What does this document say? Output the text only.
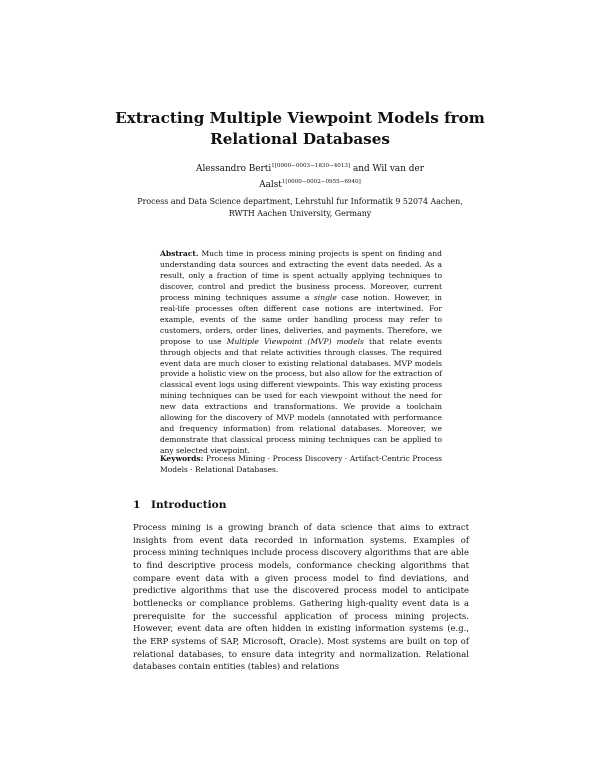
Extracting Multiple Viewpoint Models from
Relational Databases
Alessandro Berti$^{1[0000-0003-1830-4013]}$ and Wil van der
Aalst$^{1[0000-0002-0955-6940]}$
Process and Data Science department, Lehrstuhl fur Informatik 9 52074 Aachen,
RWTH Aachen University, Germany
Abstract. Much time in process mining projects is spent on finding and understanding data sources and extracting the event data needed. As a result, only a fraction of time is spent actually applying techniques to discover, control and predict the business process. Moreover, current process mining techniques assume a single case notion. However, in real-life processes often different case notions are intertwined. For example, events of the same order handling process may refer to customers, orders, order lines, deliveries, and payments. Therefore, we propose to use Multiple Viewpoint (MVP) models that relate events through objects and that relate activities through classes. The required event data are much closer to existing relational databases. MVP models provide a holistic view on the process, but also allow for the extraction of classical event logs using different viewpoints. This way existing process mining techniques can be used for each viewpoint without the need for new data extractions and transformations. We provide a toolchain allowing for the discovery of MVP models (annotated with performance and frequency information) from relational databases. Moreover, we demonstrate that classical process mining techniques can be applied to any selected viewpoint.
Keywords: Process Mining · Process Discovery · Artifact-Centric Process Models · Relational Databases.
1 Introduction
Process mining is a growing branch of data science that aims to extract insights from event data recorded in information systems. Examples of process mining techniques include process discovery algorithms that are able to find descriptive process models, conformance checking algorithms that compare event data with a given process model to find deviations, and predictive algorithms that use the discovered process model to anticipate bottlenecks or compliance problems. Gathering high-quality event data is a prerequisite for the successful application of process mining projects. However, event data are often hidden in existing information systems (e.g., the ERP systems of SAP, Microsoft, Oracle). Most systems are built on top of relational databases, to ensure data integrity and normalization. Relational databases contain entities (tables) and relations
